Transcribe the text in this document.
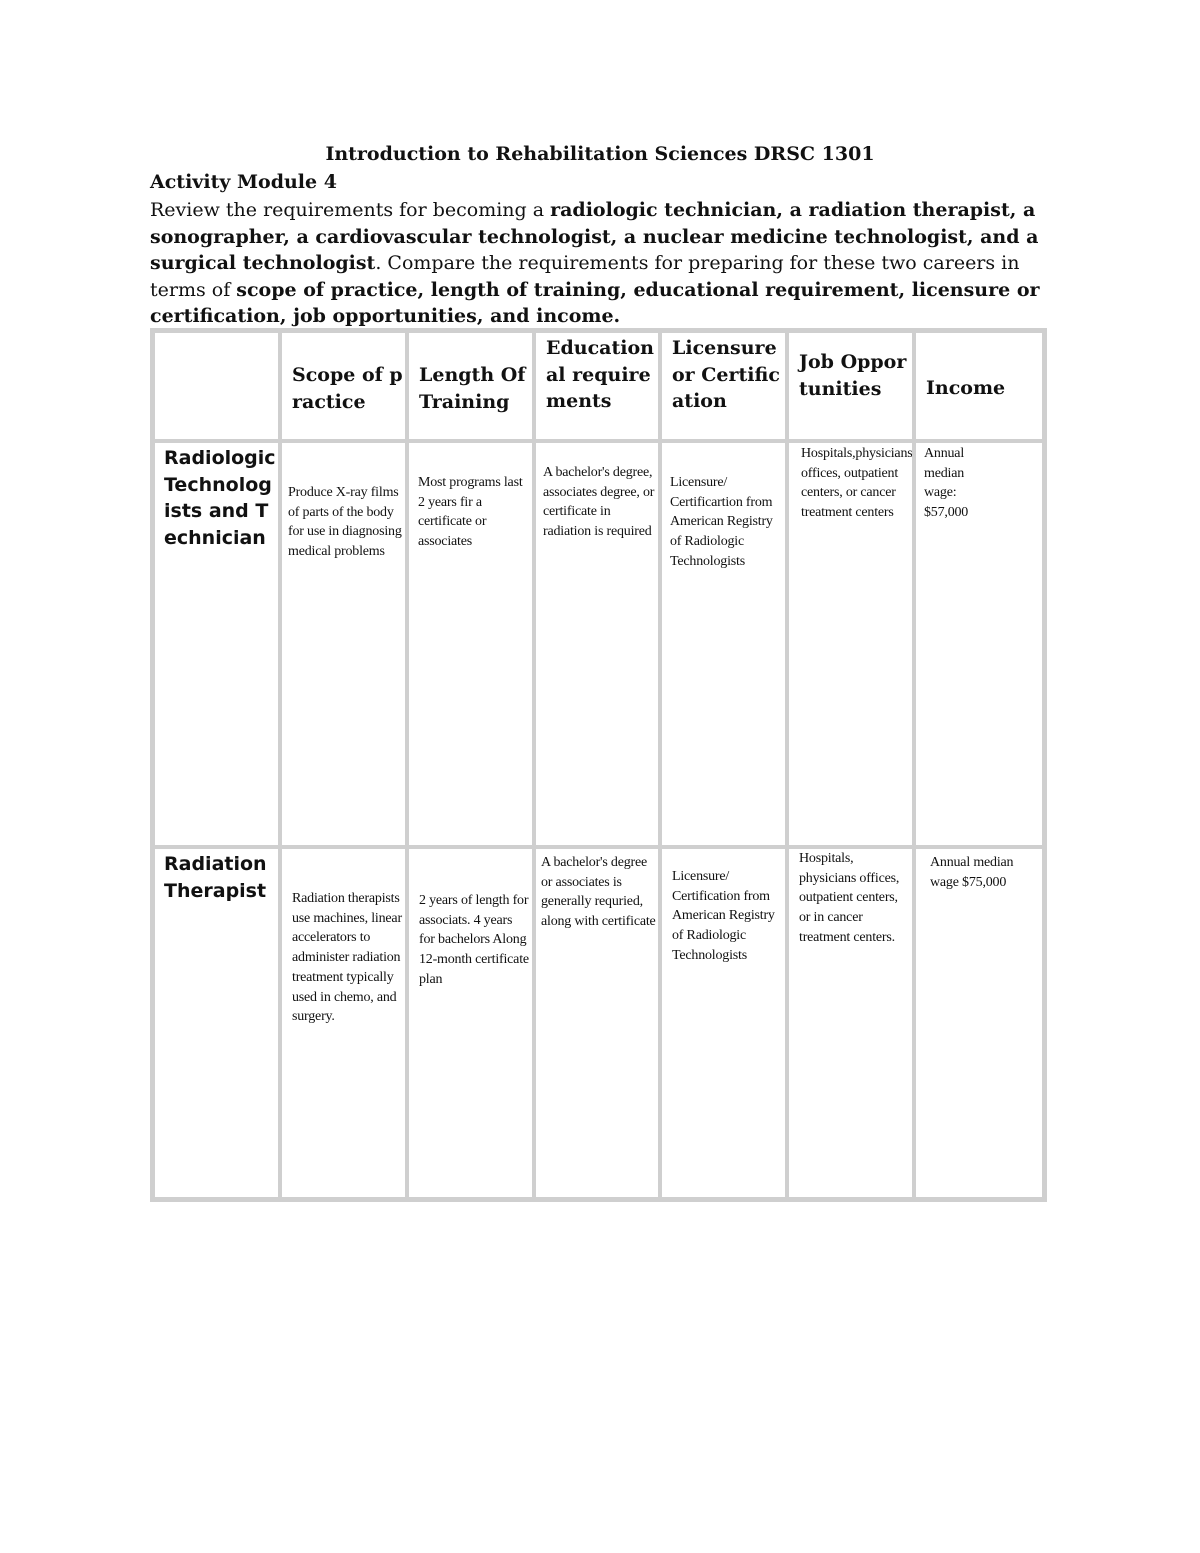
Introduction to Rehabilitation Sciences DRSC 1301
Activity Module 4
Review the requirements for becoming a radiologic technician, a radiation therapist, a sonographer, a cardiovascular technologist, a nuclear medicine technologist, and a surgical technologist. Compare the requirements for preparing for these two careers in terms of scope of practice, length of training, educational requirement, licensure or certification, job opportunities, and income.

	Scope of practice	Length Of Training	Educational requirements	Licensure or Certification	Job Opportunities	Income

Radiologic Technologists and Technician	Produce X-ray films of parts of the body for use in diagnosing medical problems	Most programs last 2 years fir a certificate or associates	A bachelor's degree, associates degree, or certificate in radiation is required	Licensure/ Certificartion from American Registry of Radiologic Technologists	Hospitals,physicians offices, outpatient centers, or cancer treatment centers	Annual median wage: $57,000

Radiation Therapist	Radiation therapists use machines, linear accelerators to administer radiation treatment typically used in chemo, and surgery.	2 years of length for associats. 4 years for bachelors Along 12-month certificate plan	A bachelor's degree or associates is generally requried, along with certificate	Licensure/ Certification from American Registry of Radiologic Technologists	Hospitals, physicians offices, outpatient centers, or in cancer treatment centers.	Annual median wage $75,000
